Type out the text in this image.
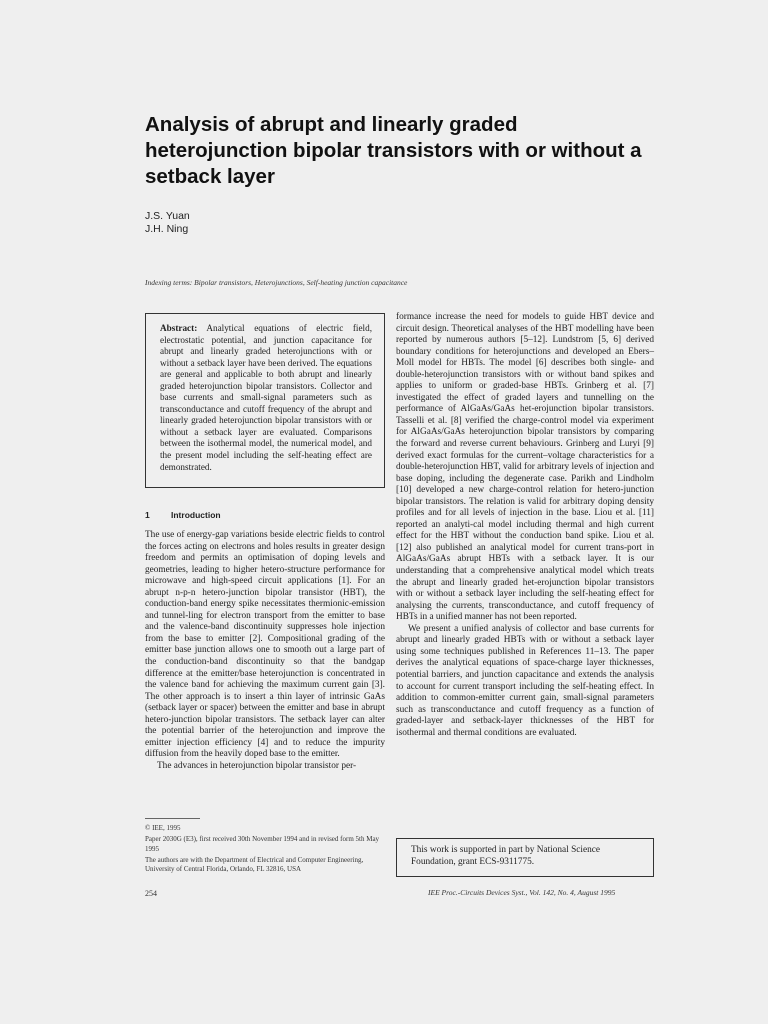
Analysis of abrupt and linearly graded
heterojunction bipolar transistors with or without a
setback layer
J.S. Yuan
J.H. Ning
Indexing terms: Bipolar transistors, Heterojunctions, Self-heating junction capacitance
Abstract: Analytical equations of electric field, electrostatic potential, and junction capacitance for abrupt and linearly graded heterojunctions with or without a setback layer have been derived. The equations are general and applicable to both abrupt and linearly graded heterojunction bipolar transistors. Collector and base currents and small-signal parameters such as transconductance and cutoff frequency of the abrupt and linearly graded heterojunction bipolar transistors with or without a setback layer are evaluated. Comparisons between the isothermal model, the numerical model, and the present model including the self-heating effect are demonstrated.
1	Introduction

The use of energy-gap variations beside electric fields to control the forces acting on electrons and holes results in greater design freedom and permits an optimisation of doping levels and geometries, leading to higher hetero-structure performance for microwave and high-speed circuit applications [1]. For an abrupt n-p-n hetero-junction bipolar transistor (HBT), the conduction-band energy spike necessitates thermionic-emission and tunnel-ling for electron transport from the emitter to base and the valence-band discontinuity suppresses hole injection from the base to emitter [2]. Compositional grading of the emitter base junction allows one to smooth out a large part of the conduction-band discontinuity so that the bandgap difference at the emitter/base heterojunction is concentrated in the valence band for achieving the maximum current gain [3]. The other approach is to insert a thin layer of intrinsic GaAs (setback layer or spacer) between the emitter and base in abrupt hetero-junction bipolar transistors. The setback layer can alter the potential barrier of the heterojunction and improve the emitter injection efficiency [4] and to reduce the impurity diffusion from the heavily doped base to the emitter.

The advances in heterojunction bipolar transistor per-

formance increase the need for models to guide HBT device and circuit design. Theoretical analyses of the HBT modelling have been reported by numerous authors [5–12]. Lundstrom [5, 6] derived boundary conditions for heterojunctions and developed an Ebers–Moll model for HBTs. The model [6] describes both single- and double-heterojunction transistors with or without band spikes and applies to uniform or graded-base HBTs. Grinberg et al. [7] investigated the effect of graded layers and tunnelling on the performance of AlGaAs/GaAs het-erojunction bipolar transistors. Tasselli et al. [8] verified the charge-control model via experiment for AlGaAs/GaAs heterojunction bipolar transistors by comparing the forward and reverse current behaviours. Grinberg and Luryi [9] derived exact formulas for the current–voltage characteristics for a double-heterojunction HBT, valid for arbitrary levels of injection and base doping, including the degenerate case. Parikh and Lindholm [10] developed a new charge-control relation for hetero-junction bipolar transistors. The relation is valid for arbitrary doping density profiles and for all levels of injection in the base. Liou et al. [11] reported an analyti-cal model including thermal and high current effect for the HBT without the conduction band spike. Liou et al. [12] also published an analytical model for current trans-port in AlGaAs/GaAs abrupt HBTs with a setback layer. It is our understanding that a comprehensive analytical model which treats the abrupt and linearly graded het-erojunction bipolar transistors with or without a setback layer including the self-heating effect for analysing the currents, transconductance, and cutoff frequency of HBTs in a unified manner has not been reported.

We present a unified analysis of collector and base currents for abrupt and linearly graded HBTs with or without a setback layer using some techniques published in References 11–13. The paper derives the analytical equations of space-charge layer thicknesses, potential barriers, and junction capacitance and extends the analysis to account for current transport including the self-heating effect. In addition to common-emitter current gain, small-signal parameters such as transconductance and cutoff frequency as a function of graded-layer and setback-layer thicknesses of the HBT for isothermal and thermal conditions are evaluated.

© IEE, 1995

Paper 2030G (E3), first received 30th November 1994 and in revised form 5th May 1995

The authors are with the Department of Electrical and Computer Engineering, University of Central Florida, Orlando, FL 32816, USA

This work is supported in part by National Science Foundation, grant ECS-9311775.
254	IEE Proc.-Circuits Devices Syst., Vol. 142, No. 4, August 1995
